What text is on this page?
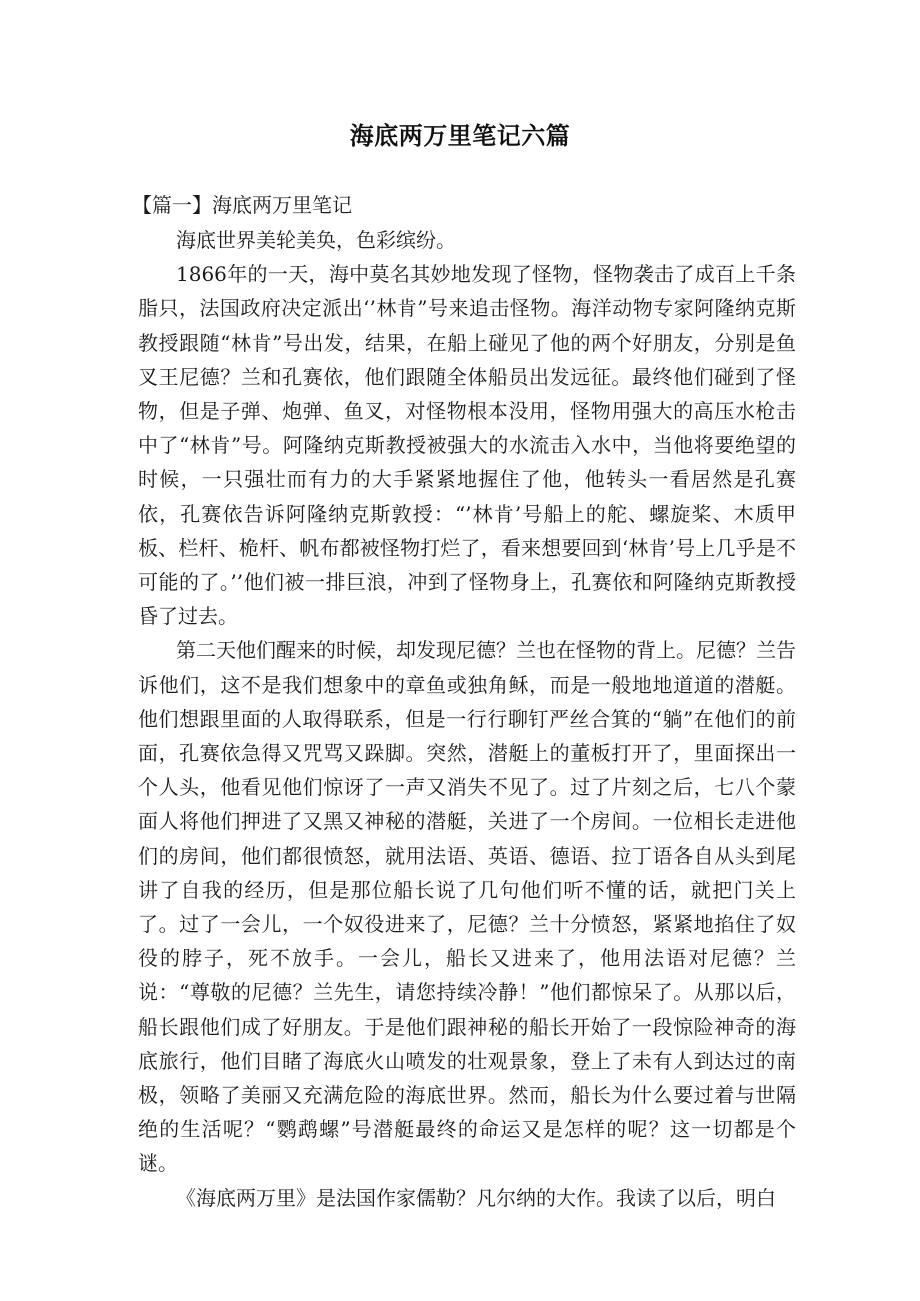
海底两万里笔记六篇

【篇一】海底两万里笔记

海底世界美轮美奂，色彩缤纷。

1866年的一天，海中莫名其妙地发现了怪物，怪物袭击了成百上千条脂只，法国政府决定派出‘’林肯”号来追击怪物。海洋动物专家阿隆纳克斯教授跟随“林肯”号出发，结果，在船上碰见了他的两个好朋友，分别是鱼叉王尼德？兰和孔赛依，他们跟随全体船员出发远征。最终他们碰到了怪物，但是子弹、炮弹、鱼叉，对怪物根本没用，怪物用强大的高压水枪击中了“林肯”号。阿隆纳克斯教授被强大的水流击入水中，当他将要绝望的时候，一只强壮而有力的大手紧紧地握住了他，他转头一看居然是孔赛依，孔赛依告诉阿隆纳克斯敦授：“’林肯’号船上的舵、螺旋桨、木质甲板、栏杆、桅杆、帆布都被怪物打烂了，看来想要回到‘林肯’号上几乎是不可能的了。’’他们被一排巨浪，冲到了怪物身上，孔赛依和阿隆纳克斯教授昏了过去。

第二天他们醒来的时候，却发现尼德？兰也在怪物的背上。尼德？兰告诉他们，这不是我们想象中的章鱼或独角稣，而是一般地地道道的潜艇。他们想跟里面的人取得联系，但是一行行聊钉严丝合箕的“躺”在他们的前面，孔赛依急得又咒骂又跺脚。突然，潜艇上的董板打开了，里面探出一个人头，他看见他们惊讶了一声又消失不见了。过了片刻之后，七八个蒙面人将他们押进了又黑又神秘的潜艇，关进了一个房间。一位相长走进他们的房间，他们都很愤怒，就用法语、英语、德语、拉丁语各自从头到尾讲了自我的经历，但是那位船长说了几句他们听不懂的话，就把门关上了。过了一会儿，一个奴役进来了，尼德？兰十分愤怒，紧紧地掐住了奴役的脖子，死不放手。一会儿，船长又进来了，他用法语对尼德？兰说：“尊敬的尼德？兰先生，请您持续冷静！”他们都惊呆了。从那以后，船长跟他们成了好朋友。于是他们跟神秘的船长开始了一段惊险神奇的海底旅行，他们目睹了海底火山喷发的壮观景象，登上了未有人到达过的南极，领略了美丽又充满危险的海底世界。然而，船长为什么要过着与世隔绝的生活呢？“鹦鹉螺”号潜艇最终的命运又是怎样的呢？这一切都是个谜。

《海底两万里》是法国作家儒勒？凡尔纳的大作。我读了以后，明白
